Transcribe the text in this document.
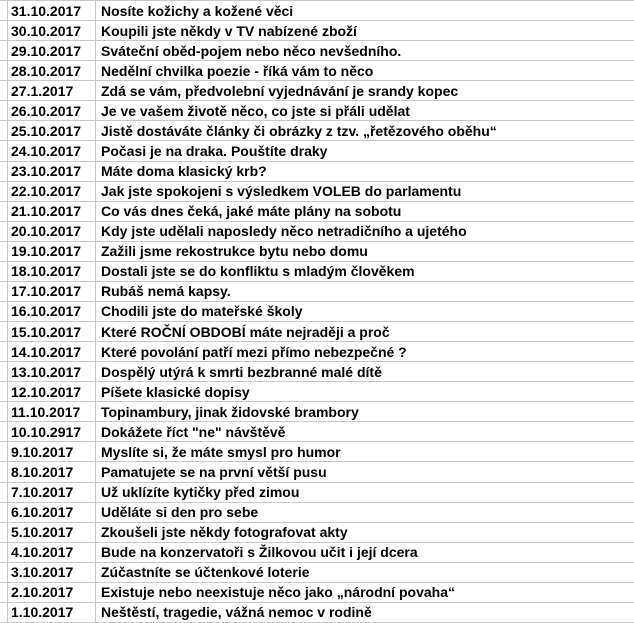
31.10.2017	Nosíte kožichy a kožené věci
30.10.2017	Koupili jste někdy v TV nabízené zboží
29.10.2017	Sváteční oběd-pojem nebo něco nevšedního.
28.10.2017	Nedělní chvilka poezie - říká vám to něco
27.1.2017	Zdá se vám, předvolební vyjednávání je srandy kopec
26.10.2017	Je ve vašem životě něco, co jste si přáli udělat
25.10.2017	Jistě dostáváte články či obrázky z tzv. „řetězového oběhu“
24.10.2017	Počasi je na draka. Pouštíte draky
23.10.2017	Máte doma klasický krb?
22.10.2017	Jak jste spokojeni s výsledkem VOLEB do parlamentu
21.10.2017	Co vás dnes čeká, jaké máte plány na sobotu
20.10.2017	Kdy jste udělali naposledy něco netradičního a ujetého
19.10.2017	Zažili jsme rekostrukce bytu nebo domu
18.10.2017	Dostali jste se do konfliktu s mladým člověkem
17.10.2017	Rubáš nemá kapsy.
16.10.2017	Chodili jste do mateřské školy
15.10.2017	Které ROČNÍ OBDOBÍ máte nejraději a proč
14.10.2017	Které povolání patří mezi přímo nebezpečné ?
13.10.2017	Dospělý utýrá k smrti bezbranné malé dítě
12.10.2017	Píšete klasické dopisy
11.10.2017	Topinambury, jinak židovské brambory
10.10.2917	Dokážete říct "ne" návštěvě
9.10.2017	Myslíte si, že máte smysl pro humor
8.10.2017	Pamatujete se na první větší pusu
7.10.2017	Už uklízíte kytičky před zimou
6.10.2017	Uděláte si den pro sebe
5.10.2017	Zkoušeli jste někdy fotografovat akty
4.10.2017	Bude na konzervatoři s Žilkovou učit i její dcera
3.10.2017	Zúčastníte se účtenkové loterie
2.10.2017	Existuje nebo neexistuje něco jako „národní povaha“
1.10.2017	Neštěstí, tragedie, vážná nemoc v rodině
